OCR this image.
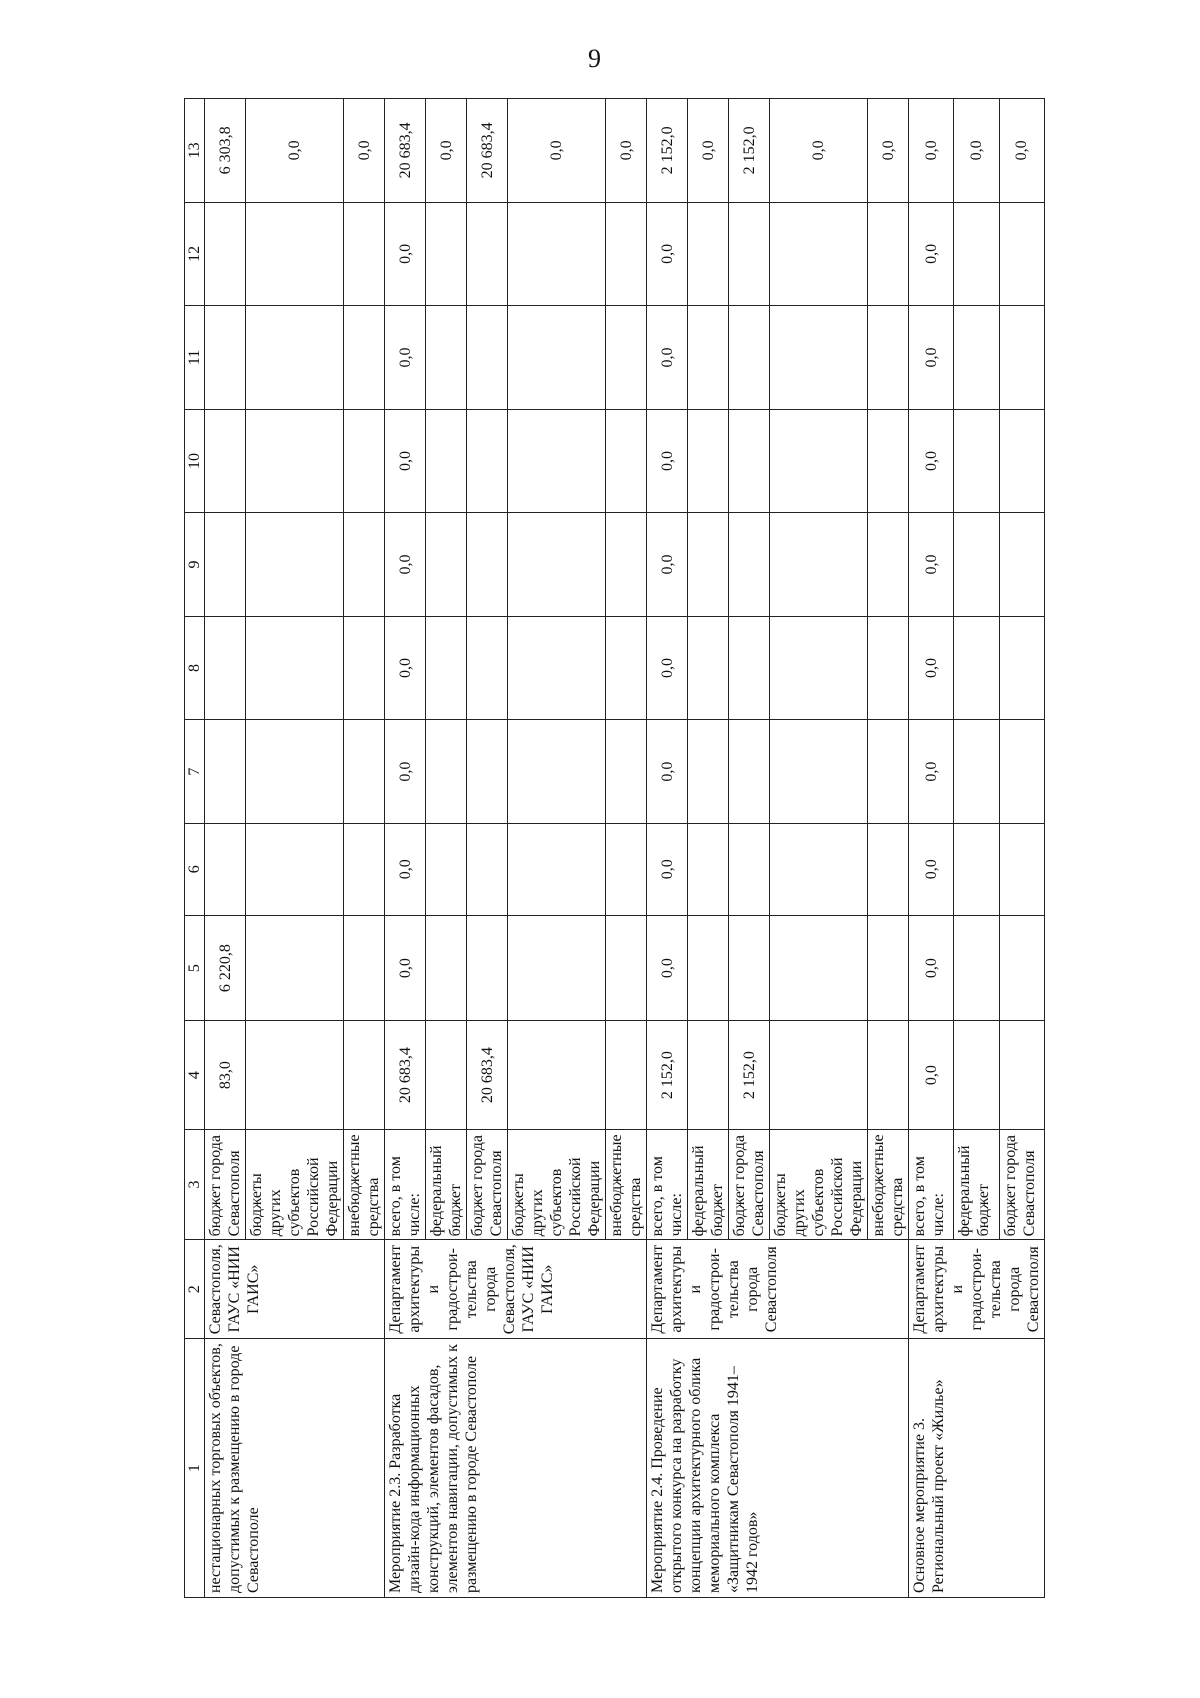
9
1	2	3	4	5	6	7	8	9	10	11	12	13
нестационарных торговых объектов, допустимых к размещению в городе Севастополе	Севастополя, ГАУС «НИИ ГАИС»	бюджет города Севастополя	83,0	6 220,8								6 303,8
		бюджеты других субъектов Российской Федерации										0,0
		внебюджетные средства										0,0
Мероприятие 2.3. Разработка дизайн-кода информационных конструкций, элементов фасадов, элементов навигации, допустимых к размещению в городе Севастополе	Департамент архитектуры и градострои-тельства города Севастополя, ГАУС «НИИ ГАИС»	всего, в том числе:	20 683,4	0,0	0,0	0,0	0,0	0,0	0,0	0,0	0,0	20 683,4
		федеральный бюджет										0,0
		бюджет города Севастополя	20 683,4									20 683,4
		бюджеты других субъектов Российской Федерации										0,0
		внебюджетные средства										0,0
Мероприятие 2.4. Проведение открытого конкурса на разработку концепции архитектурного облика мемориального комплекса «Защитникам Севастополя 1941–1942 годов»	Департамент архитектуры и градострои-тельства города Севастополя	всего, в том числе:	2 152,0	0,0	0,0	0,0	0,0	0,0	0,0	0,0	0,0	2 152,0
		федеральный бюджет										0,0
		бюджет города Севастополя	2 152,0									2 152,0
		бюджеты других субъектов Российской Федерации										0,0
		внебюджетные средства										0,0
Основное мероприятие 3. Региональный проект «Жилье»	Департамент архитектуры и градострои-тельства города Севастополя	всего, в том числе:	0,0	0,0	0,0	0,0	0,0	0,0	0,0	0,0	0,0	0,0
		федеральный бюджет										0,0
		бюджет города Севастополя										0,0
